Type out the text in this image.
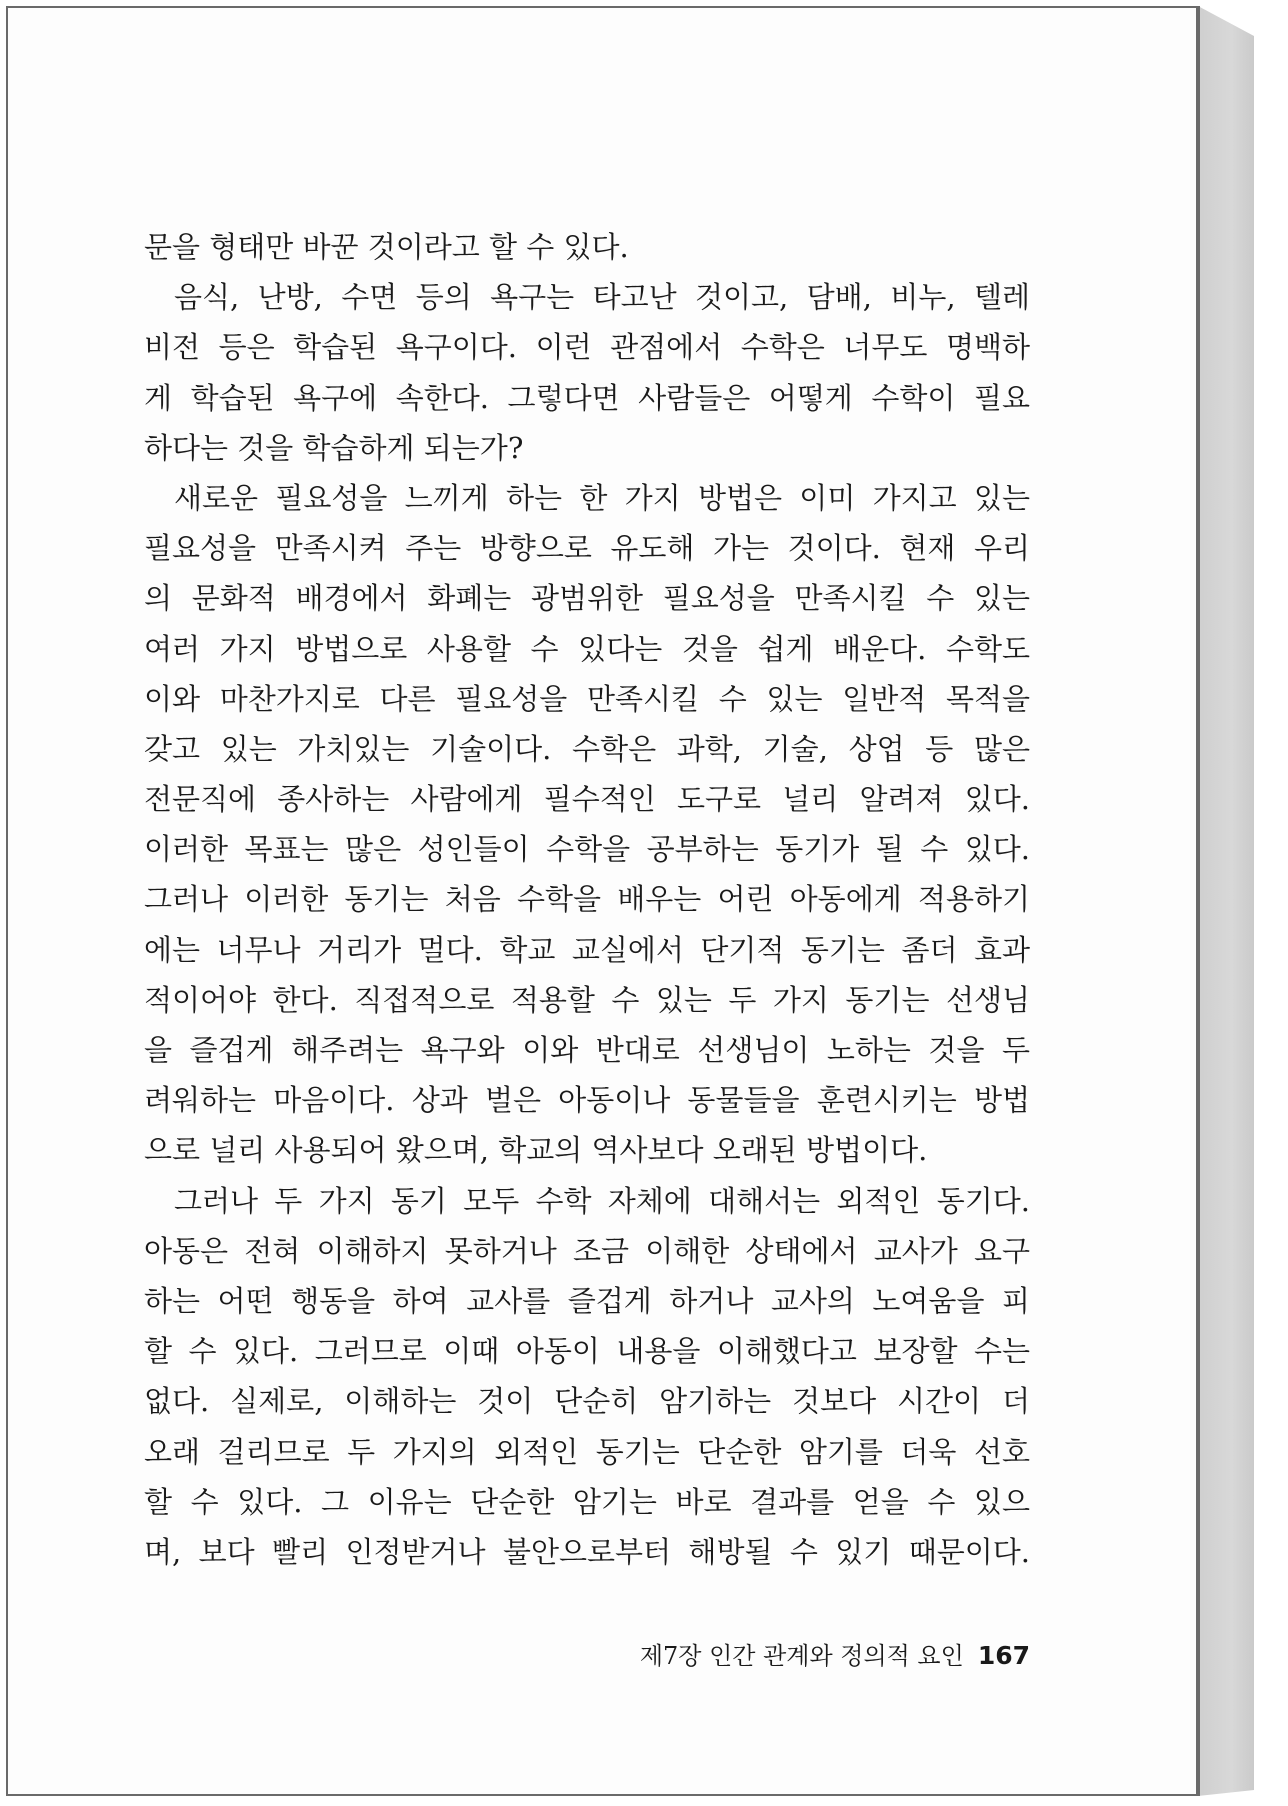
문을 형태만 바꾼 것이라고 할 수 있다.
음식, 난방, 수면 등의 욕구는 타고난 것이고, 담배, 비누, 텔레
비전 등은 학습된 욕구이다. 이런 관점에서 수학은 너무도 명백하
게 학습된 욕구에 속한다. 그렇다면 사람들은 어떻게 수학이 필요
하다는 것을 학습하게 되는가?
새로운 필요성을 느끼게 하는 한 가지 방법은 이미 가지고 있는
필요성을 만족시켜 주는 방향으로 유도해 가는 것이다. 현재 우리
의 문화적 배경에서 화폐는 광범위한 필요성을 만족시킬 수 있는
여러 가지 방법으로 사용할 수 있다는 것을 쉽게 배운다. 수학도
이와 마찬가지로 다른 필요성을 만족시킬 수 있는 일반적 목적을
갖고 있는 가치있는 기술이다. 수학은 과학, 기술, 상업 등 많은
전문직에 종사하는 사람에게 필수적인 도구로 널리 알려져 있다.
이러한 목표는 많은 성인들이 수학을 공부하는 동기가 될 수 있다.
그러나 이러한 동기는 처음 수학을 배우는 어린 아동에게 적용하기
에는 너무나 거리가 멀다. 학교 교실에서 단기적 동기는 좀더 효과
적이어야 한다. 직접적으로 적용할 수 있는 두 가지 동기는 선생님
을 즐겁게 해주려는 욕구와 이와 반대로 선생님이 노하는 것을 두
려워하는 마음이다. 상과 벌은 아동이나 동물들을 훈련시키는 방법
으로 널리 사용되어 왔으며, 학교의 역사보다 오래된 방법이다.
그러나 두 가지 동기 모두 수학 자체에 대해서는 외적인 동기다.
아동은 전혀 이해하지 못하거나 조금 이해한 상태에서 교사가 요구
하는 어떤 행동을 하여 교사를 즐겁게 하거나 교사의 노여움을 피
할 수 있다. 그러므로 이때 아동이 내용을 이해했다고 보장할 수는
없다. 실제로, 이해하는 것이 단순히 암기하는 것보다 시간이 더
오래 걸리므로 두 가지의 외적인 동기는 단순한 암기를 더욱 선호
할 수 있다. 그 이유는 단순한 암기는 바로 결과를 얻을 수 있으
며, 보다 빨리 인정받거나 불안으로부터 해방될 수 있기 때문이다.
제7장 인간 관계와 정의적 요인 167
